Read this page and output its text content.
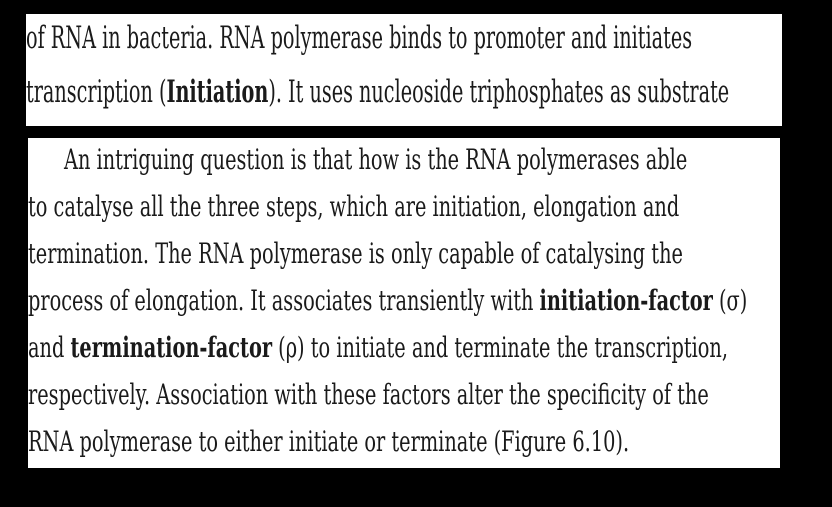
of RNA in bacteria. RNA polymerase binds to promoter and initiates
transcription (Initiation). It uses nucleoside triphosphates as substrate
An intriguing question is that how is the RNA polymerases able
to catalyse all the three steps, which are initiation, elongation and
termination. The RNA polymerase is only capable of catalysing the
process of elongation. It associates transiently with initiation-factor (σ)
and termination-factor (ρ) to initiate and terminate the transcription,
respectively. Association with these factors alter the specificity of the
RNA polymerase to either initiate or terminate (Figure 6.10).
